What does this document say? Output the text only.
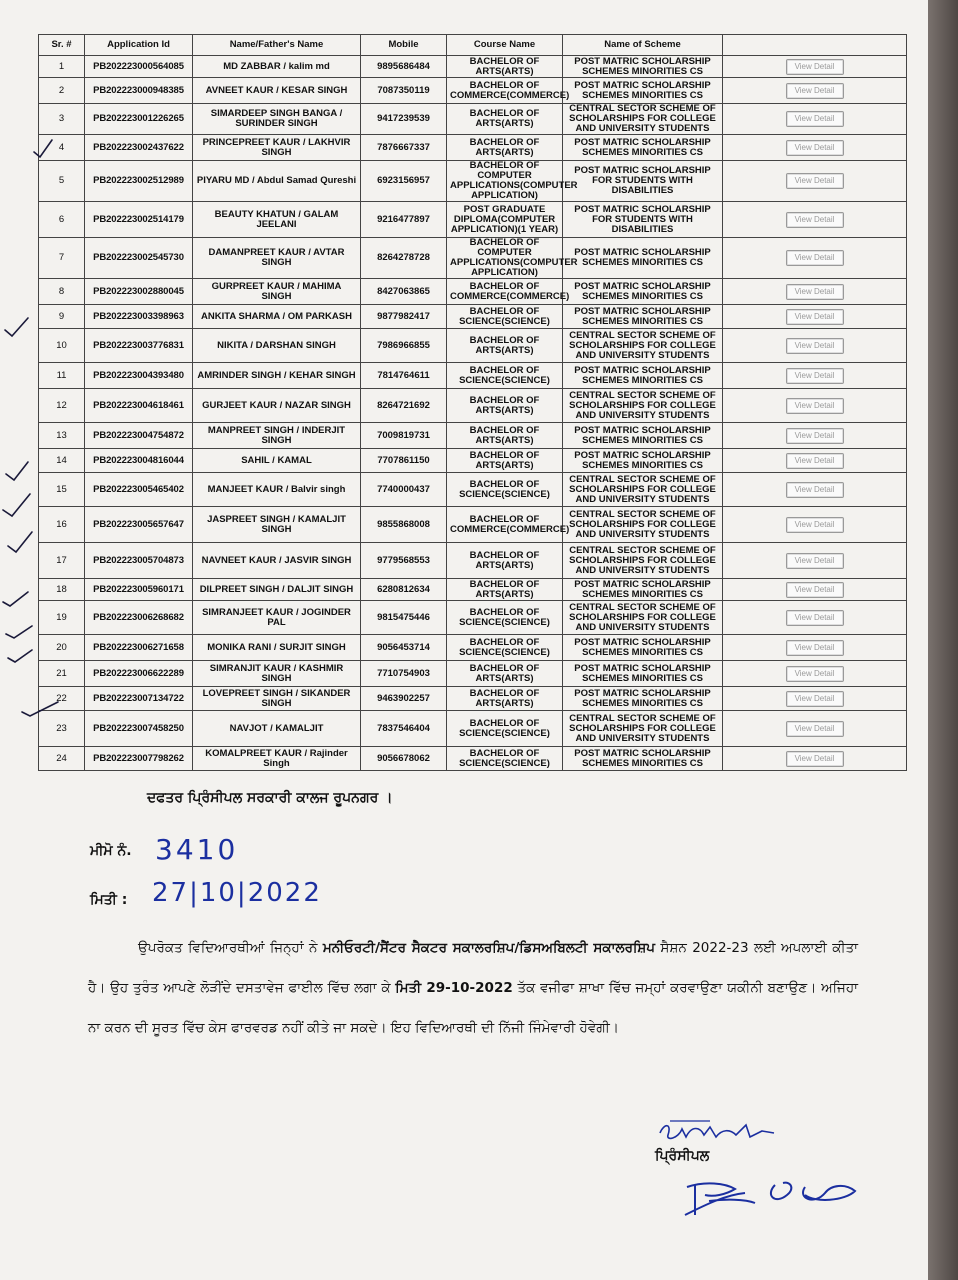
Sr. #	Application Id	Name/Father's Name	Mobile	Course Name	Name of Scheme	
1	PB202223000564085	MD ZABBAR / kalim md	9895686484	BACHELOR OF ARTS(ARTS)	POST MATRIC SCHOLARSHIP SCHEMES MINORITIES CS	View Detail
2	PB202223000948385	AVNEET KAUR / KESAR SINGH	7087350119	BACHELOR OF COMMERCE(COMMERCE)	POST MATRIC SCHOLARSHIP SCHEMES MINORITIES CS	View Detail
3	PB202223001226265	SIMARDEEP SINGH BANGA / SURINDER SINGH	9417239539	BACHELOR OF ARTS(ARTS)	CENTRAL SECTOR SCHEME OF SCHOLARSHIPS FOR COLLEGE AND UNIVERSITY STUDENTS	View Detail
4	PB202223002437622	PRINCEPREET KAUR / LAKHVIR SINGH	7876667337	BACHELOR OF ARTS(ARTS)	POST MATRIC SCHOLARSHIP SCHEMES MINORITIES CS	View Detail
5	PB202223002512989	PIYARU MD / Abdul Samad Qureshi	6923156957	BACHELOR OF COMPUTER APPLICATIONS(COMPUTER APPLICATION)	POST MATRIC SCHOLARSHIP FOR STUDENTS WITH DISABILITIES	View Detail
6	PB202223002514179	BEAUTY KHATUN / GALAM JEELANI	9216477897	POST GRADUATE DIPLOMA(COMPUTER APPLICATION)(1 YEAR)	POST MATRIC SCHOLARSHIP FOR STUDENTS WITH DISABILITIES	View Detail
7	PB202223002545730	DAMANPREET KAUR / AVTAR SINGH	8264278728	BACHELOR OF COMPUTER APPLICATIONS(COMPUTER APPLICATION)	POST MATRIC SCHOLARSHIP SCHEMES MINORITIES CS	View Detail
8	PB202223002880045	GURPREET KAUR / MAHIMA SINGH	8427063865	BACHELOR OF COMMERCE(COMMERCE)	POST MATRIC SCHOLARSHIP SCHEMES MINORITIES CS	View Detail
9	PB202223003398963	ANKITA SHARMA / OM PARKASH	9877982417	BACHELOR OF SCIENCE(SCIENCE)	POST MATRIC SCHOLARSHIP SCHEMES MINORITIES CS	View Detail
10	PB202223003776831	NIKITA / DARSHAN SINGH	7986966855	BACHELOR OF ARTS(ARTS)	CENTRAL SECTOR SCHEME OF SCHOLARSHIPS FOR COLLEGE AND UNIVERSITY STUDENTS	View Detail
11	PB202223004393480	AMRINDER SINGH / KEHAR SINGH	7814764611	BACHELOR OF SCIENCE(SCIENCE)	POST MATRIC SCHOLARSHIP SCHEMES MINORITIES CS	View Detail
12	PB202223004618461	GURJEET KAUR / NAZAR SINGH	8264721692	BACHELOR OF ARTS(ARTS)	CENTRAL SECTOR SCHEME OF SCHOLARSHIPS FOR COLLEGE AND UNIVERSITY STUDENTS	View Detail
13	PB202223004754872	MANPREET SINGH / INDERJIT SINGH	7009819731	BACHELOR OF ARTS(ARTS)	POST MATRIC SCHOLARSHIP SCHEMES MINORITIES CS	View Detail
14	PB202223004816044	SAHIL / KAMAL	7707861150	BACHELOR OF ARTS(ARTS)	POST MATRIC SCHOLARSHIP SCHEMES MINORITIES CS	View Detail
15	PB202223005465402	MANJEET KAUR / Balvir singh	7740000437	BACHELOR OF SCIENCE(SCIENCE)	CENTRAL SECTOR SCHEME OF SCHOLARSHIPS FOR COLLEGE AND UNIVERSITY STUDENTS	View Detail
16	PB202223005657647	JASPREET SINGH / KAMALJIT SINGH	9855868008	BACHELOR OF COMMERCE(COMMERCE)	CENTRAL SECTOR SCHEME OF SCHOLARSHIPS FOR COLLEGE AND UNIVERSITY STUDENTS	View Detail
17	PB202223005704873	NAVNEET KAUR / JASVIR SINGH	9779568553	BACHELOR OF ARTS(ARTS)	CENTRAL SECTOR SCHEME OF SCHOLARSHIPS FOR COLLEGE AND UNIVERSITY STUDENTS	View Detail
18	PB202223005960171	DILPREET SINGH / DALJIT SINGH	6280812634	BACHELOR OF ARTS(ARTS)	POST MATRIC SCHOLARSHIP SCHEMES MINORITIES CS	View Detail
19	PB202223006268682	SIMRANJEET KAUR / JOGINDER PAL	9815475446	BACHELOR OF SCIENCE(SCIENCE)	CENTRAL SECTOR SCHEME OF SCHOLARSHIPS FOR COLLEGE AND UNIVERSITY STUDENTS	View Detail
20	PB202223006271658	MONIKA RANI / SURJIT SINGH	9056453714	BACHELOR OF SCIENCE(SCIENCE)	POST MATRIC SCHOLARSHIP SCHEMES MINORITIES CS	View Detail
21	PB202223006622289	SIMRANJIT KAUR / KASHMIR SINGH	7710754903	BACHELOR OF ARTS(ARTS)	POST MATRIC SCHOLARSHIP SCHEMES MINORITIES CS	View Detail
22	PB202223007134722	LOVEPREET SINGH / SIKANDER SINGH	9463902257	BACHELOR OF ARTS(ARTS)	POST MATRIC SCHOLARSHIP SCHEMES MINORITIES CS	View Detail
23	PB202223007458250	NAVJOT / KAMALJIT	7837546404	BACHELOR OF SCIENCE(SCIENCE)	CENTRAL SECTOR SCHEME OF SCHOLARSHIPS FOR COLLEGE AND UNIVERSITY STUDENTS	View Detail
24	PB202223007798262	KOMALPREET KAUR / Rajinder Singh	9056678062	BACHELOR OF SCIENCE(SCIENCE)	POST MATRIC SCHOLARSHIP SCHEMES MINORITIES CS	View Detail
ਦਫਤਰ ਪ੍ਰਿੰਸੀਪਲ ਸਰਕਾਰੀ ਕਾਲਜ ਰੂਪਨਗਰ ।
ਮੀਮੋ ਨੰ. 3410
ਮਿਤੀ : 27|10|2022
ਉਪਰੋਕਤ ਵਿਦਿਆਰਥੀਆਂ ਜਿਨ੍ਹਾਂ ਨੇ ਮਨੀਓਰਟੀ/ਸੈਂਟਰ ਸੈਕਟਰ ਸਕਾਲਰਸ਼ਿਪ/ਡਿਸਅਬਿਲਟੀ ਸਕਾਲਰਸ਼ਿਪ ਸੈਸ਼ਨ 2022-23 ਲਈ ਅਪਲਾਈ ਕੀਤਾ ਹੈ। ਉਹ ਤੁਰੰਤ ਆਪਣੇ ਲੋੜੀਂਦੇ ਦਸਤਾਵੇਜ ਫਾਈਲ ਵਿੱਚ ਲਗਾ ਕੇ ਮਿਤੀ 29-10-2022 ਤੱਕ ਵਜੀਫਾ ਸ਼ਾਖਾ ਵਿੱਚ ਜਮ੍ਹਾਂ ਕਰਵਾਉਣਾ ਯਕੀਨੀ ਬਣਾਉਣ। ਅਜਿਹਾ ਨਾ ਕਰਨ ਦੀ ਸੂਰਤ ਵਿੱਚ ਕੇਸ ਫਾਰਵਰਡ ਨਹੀਂ ਕੀਤੇ ਜਾ ਸਕਦੇ। ਇਹ ਵਿਦਿਆਰਥੀ ਦੀ ਨਿੱਜੀ ਜਿੰਮੇਵਾਰੀ ਹੋਵੇਗੀ।
ਪ੍ਰਿੰਸੀਪਲ
